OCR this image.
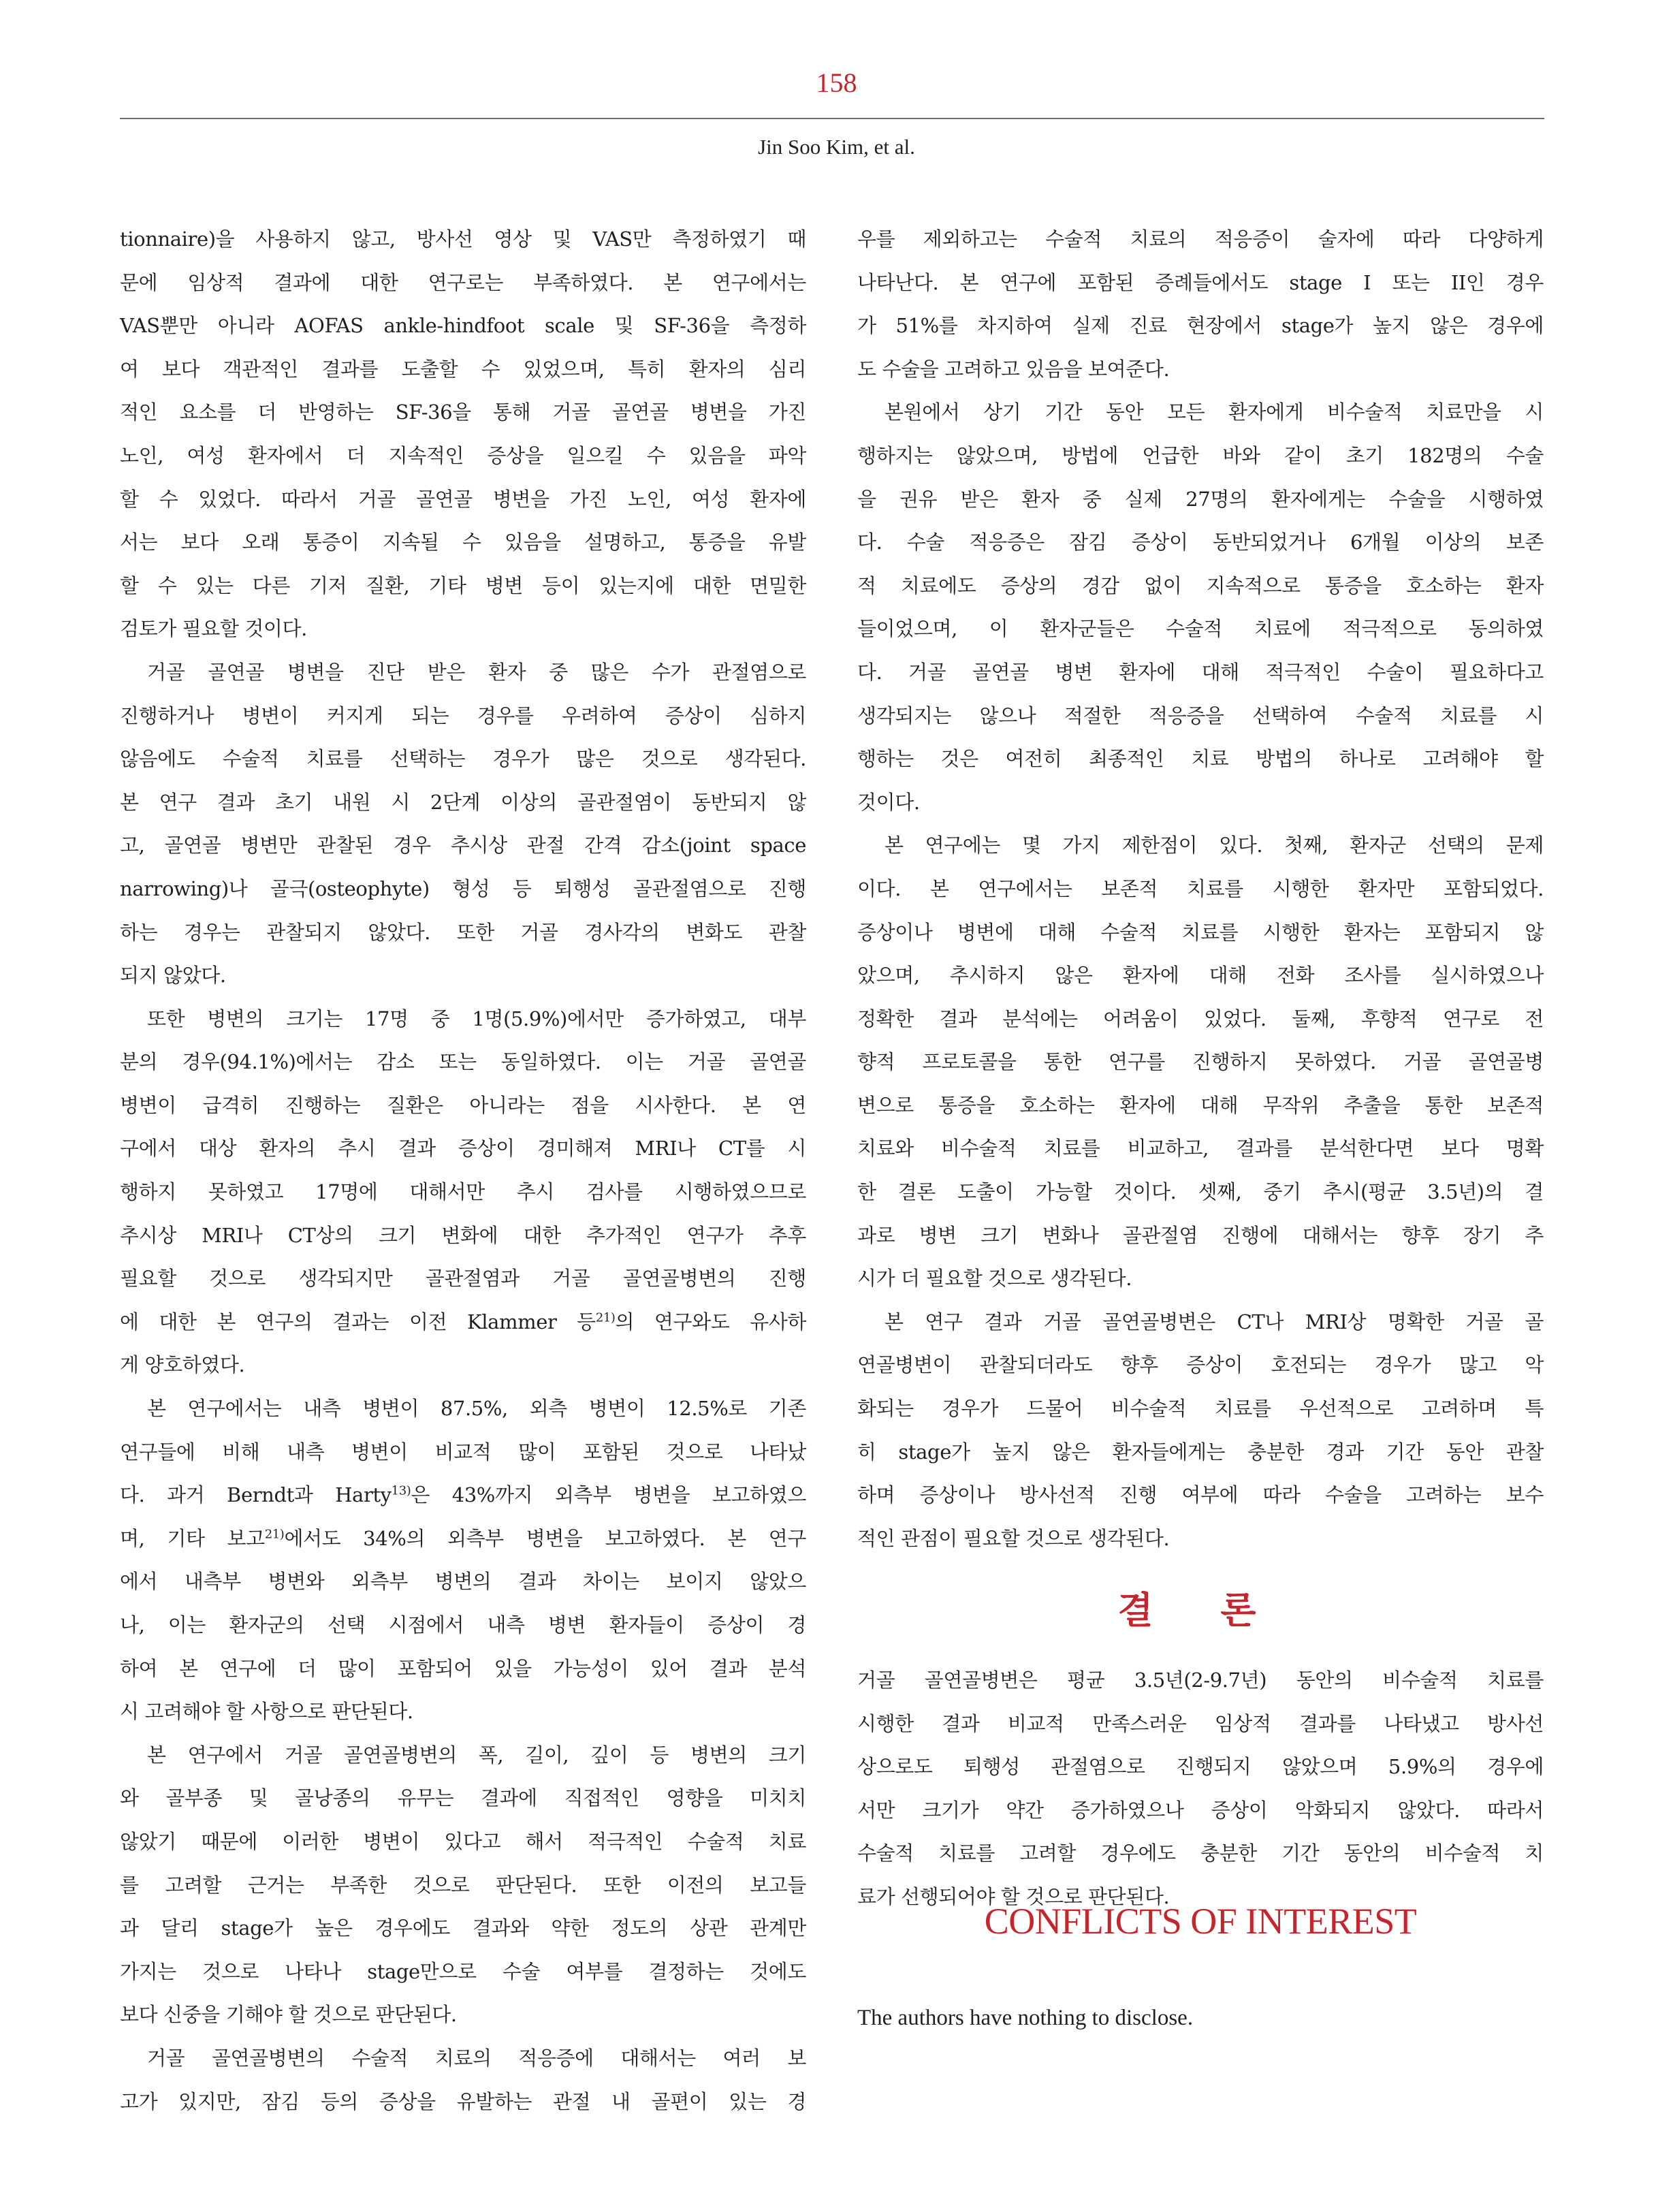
158
Jin Soo Kim, et al.

tionnaire)을 사용하지 않고, 방사선 영상 및 VAS만 측정하였기 때
문에 임상적 결과에 대한 연구로는 부족하였다. 본 연구에서는
VAS뿐만 아니라 AOFAS ankle-hindfoot scale 및 SF-36을 측정하
여 보다 객관적인 결과를 도출할 수 있었으며, 특히 환자의 심리
적인 요소를 더 반영하는 SF-36을 통해 거골 골연골 병변을 가진
노인, 여성 환자에서 더 지속적인 증상을 일으킬 수 있음을 파악
할 수 있었다. 따라서 거골 골연골 병변을 가진 노인, 여성 환자에
서는 보다 오래 통증이 지속될 수 있음을 설명하고, 통증을 유발
할 수 있는 다른 기저 질환, 기타 병변 등이 있는지에 대한 면밀한
검토가 필요할 것이다.

거골 골연골 병변을 진단 받은 환자 중 많은 수가 관절염으로
진행하거나 병변이 커지게 되는 경우를 우려하여 증상이 심하지
않음에도 수술적 치료를 선택하는 경우가 많은 것으로 생각된다.
본 연구 결과 초기 내원 시 2단계 이상의 골관절염이 동반되지 않
고, 골연골 병변만 관찰된 경우 추시상 관절 간격 감소(joint space
narrowing)나 골극(osteophyte) 형성 등 퇴행성 골관절염으로 진행
하는 경우는 관찰되지 않았다. 또한 거골 경사각의 변화도 관찰
되지 않았다.

또한 병변의 크기는 17명 중 1명(5.9%)에서만 증가하였고, 대부
분의 경우(94.1%)에서는 감소 또는 동일하였다. 이는 거골 골연골
병변이 급격히 진행하는 질환은 아니라는 점을 시사한다. 본 연
구에서 대상 환자의 추시 결과 증상이 경미해져 MRI나 CT를 시
행하지 못하였고 17명에 대해서만 추시 검사를 시행하였으므로
추시상 MRI나 CT상의 크기 변화에 대한 추가적인 연구가 추후
필요할 것으로 생각되지만 골관절염과 거골 골연골병변의 진행
에 대한 본 연구의 결과는 이전 Klammer 등$^{21)}$의 연구와도 유사하
게 양호하였다.

본 연구에서는 내측 병변이 87.5%, 외측 병변이 12.5%로 기존
연구들에 비해 내측 병변이 비교적 많이 포함된 것으로 나타났
다. 과거 Berndt과 Harty$^{13)}$은 43%까지 외측부 병변을 보고하였으
며, 기타 보고$^{21)}$에서도 34%의 외측부 병변을 보고하였다. 본 연구
에서 내측부 병변와 외측부 병변의 결과 차이는 보이지 않았으
나, 이는 환자군의 선택 시점에서 내측 병변 환자들이 증상이 경
하여 본 연구에 더 많이 포함되어 있을 가능성이 있어 결과 분석
시 고려해야 할 사항으로 판단된다.

본 연구에서 거골 골연골병변의 폭, 길이, 깊이 등 병변의 크기
와 골부종 및 골낭종의 유무는 결과에 직접적인 영향을 미치치
않았기 때문에 이러한 병변이 있다고 해서 적극적인 수술적 치료
를 고려할 근거는 부족한 것으로 판단된다. 또한 이전의 보고들
과 달리 stage가 높은 경우에도 결과와 약한 정도의 상관 관계만
가지는 것으로 나타나 stage만으로 수술 여부를 결정하는 것에도
보다 신중을 기해야 할 것으로 판단된다.

거골 골연골병변의 수술적 치료의 적응증에 대해서는 여러 보
고가 있지만, 잠김 등의 증상을 유발하는 관절 내 골편이 있는 경

우를 제외하고는 수술적 치료의 적응증이 술자에 따라 다양하게
나타난다. 본 연구에 포함된 증례들에서도 stage I 또는 II인 경우
가 51%를 차지하여 실제 진료 현장에서 stage가 높지 않은 경우에
도 수술을 고려하고 있음을 보여준다.

본원에서 상기 기간 동안 모든 환자에게 비수술적 치료만을 시
행하지는 않았으며, 방법에 언급한 바와 같이 초기 182명의 수술
을 권유 받은 환자 중 실제 27명의 환자에게는 수술을 시행하였
다. 수술 적응증은 잠김 증상이 동반되었거나 6개월 이상의 보존
적 치료에도 증상의 경감 없이 지속적으로 통증을 호소하는 환자
들이었으며, 이 환자군들은 수술적 치료에 적극적으로 동의하였
다. 거골 골연골 병변 환자에 대해 적극적인 수술이 필요하다고
생각되지는 않으나 적절한 적응증을 선택하여 수술적 치료를 시
행하는 것은 여전히 최종적인 치료 방법의 하나로 고려해야 할
것이다.

본 연구에는 몇 가지 제한점이 있다. 첫째, 환자군 선택의 문제
이다. 본 연구에서는 보존적 치료를 시행한 환자만 포함되었다.
증상이나 병변에 대해 수술적 치료를 시행한 환자는 포함되지 않
았으며, 추시하지 않은 환자에 대해 전화 조사를 실시하였으나
정확한 결과 분석에는 어려움이 있었다. 둘째, 후향적 연구로 전
향적 프로토콜을 통한 연구를 진행하지 못하였다. 거골 골연골병
변으로 통증을 호소하는 환자에 대해 무작위 추출을 통한 보존적
치료와 비수술적 치료를 비교하고, 결과를 분석한다면 보다 명확
한 결론 도출이 가능할 것이다. 셋째, 중기 추시(평균 3.5년)의 결
과로 병변 크기 변화나 골관절염 진행에 대해서는 향후 장기 추
시가 더 필요할 것으로 생각된다.

본 연구 결과 거골 골연골병변은 CT나 MRI상 명확한 거골 골
연골병변이 관찰되더라도 향후 증상이 호전되는 경우가 많고 악
화되는 경우가 드물어 비수술적 치료를 우선적으로 고려하며 특
히 stage가 높지 않은 환자들에게는 충분한 경과 기간 동안 관찰
하며 증상이나 방사선적 진행 여부에 따라 수술을 고려하는 보수
적인 관점이 필요할 것으로 생각된다.

결 론

거골 골연골병변은 평균 3.5년(2-9.7년) 동안의 비수술적 치료를
시행한 결과 비교적 만족스러운 임상적 결과를 나타냈고 방사선
상으로도 퇴행성 관절염으로 진행되지 않았으며 5.9%의 경우에
서만 크기가 약간 증가하였으나 증상이 악화되지 않았다. 따라서
수술적 치료를 고려할 경우에도 충분한 기간 동안의 비수술적 치
료가 선행되어야 할 것으로 판단된다.

CONFLICTS OF INTEREST
The authors have nothing to disclose.
